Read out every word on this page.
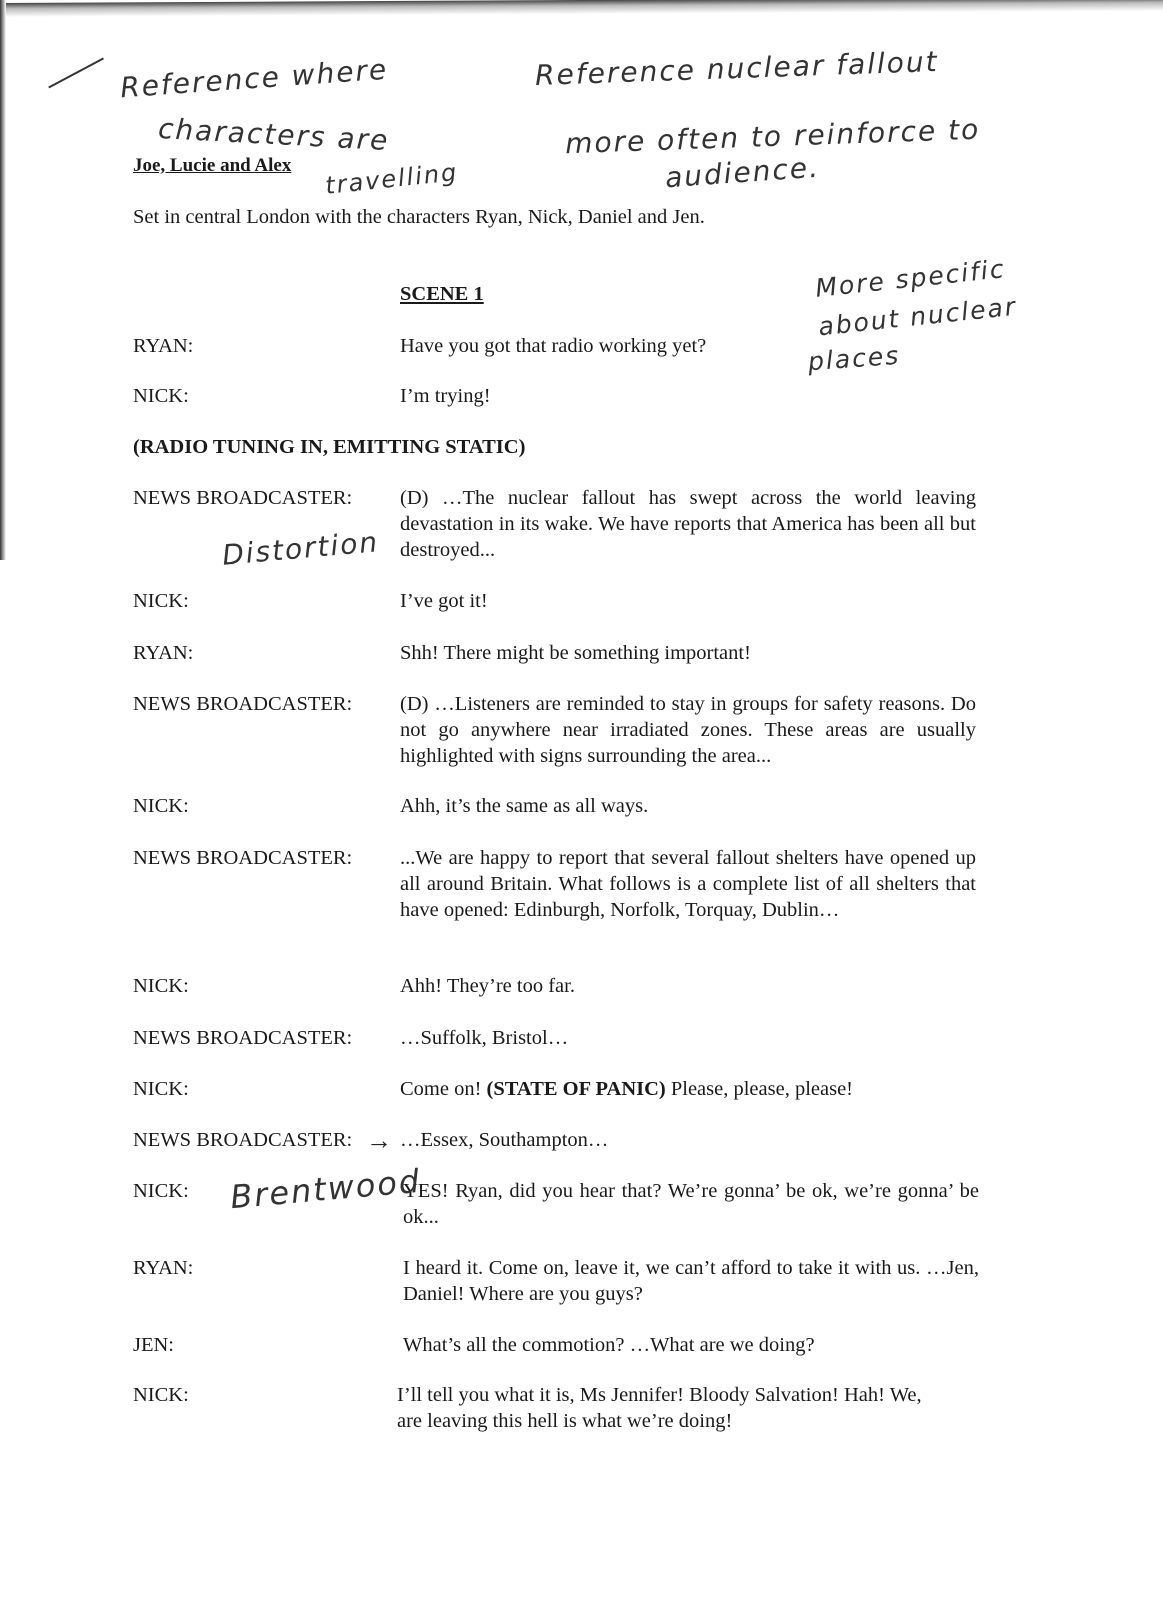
Joe, Lucie and Alex
Set in central London with the characters Ryan, Nick, Daniel and Jen.
SCENE 1
RYAN:	Have you got that radio working yet?
NICK:	I’m trying!
(RADIO TUNING IN, EMITTING STATIC)
NEWS BROADCASTER: (D) …The nuclear fallout has swept across the world leaving devastation in its wake. We have reports that America has been all but destroyed...
NICK:	I’ve got it!
RYAN:	Shh! There might be something important!
NEWS BROADCASTER: (D) …Listeners are reminded to stay in groups for safety reasons. Do not go anywhere near irradiated zones. These areas are usually highlighted with signs surrounding the area...
NICK:	Ahh, it’s the same as all ways.
NEWS BROADCASTER: ...We are happy to report that several fallout shelters have opened up all around Britain. What follows is a complete list of all shelters that have opened: Edinburgh, Norfolk, Torquay, Dublin…
NICK:	Ahh! They’re too far.
NEWS BROADCASTER: …Suffolk, Bristol…
NICK:	Come on! (STATE OF PANIC) Please, please, please!
NEWS BROADCASTER: …Essex, Southampton…
NICK:	YES! Ryan, did you hear that? We’re gonna’ be ok, we’re gonna’ be ok...
RYAN:	I heard it. Come on, leave it, we can’t afford to take it with us. …Jen, Daniel! Where are you guys?
JEN:	What’s all the commotion? …What are we doing?
NICK:	I’ll tell you what it is, Ms Jennifer! Bloody Salvation! Hah! We, are leaving this hell is what we’re doing!
Reference where
characters are
travelling
Reference nuclear fallout
more often to reinforce to
audience.
More specific
about nuclear
places
Distortion
Brentwood
→
